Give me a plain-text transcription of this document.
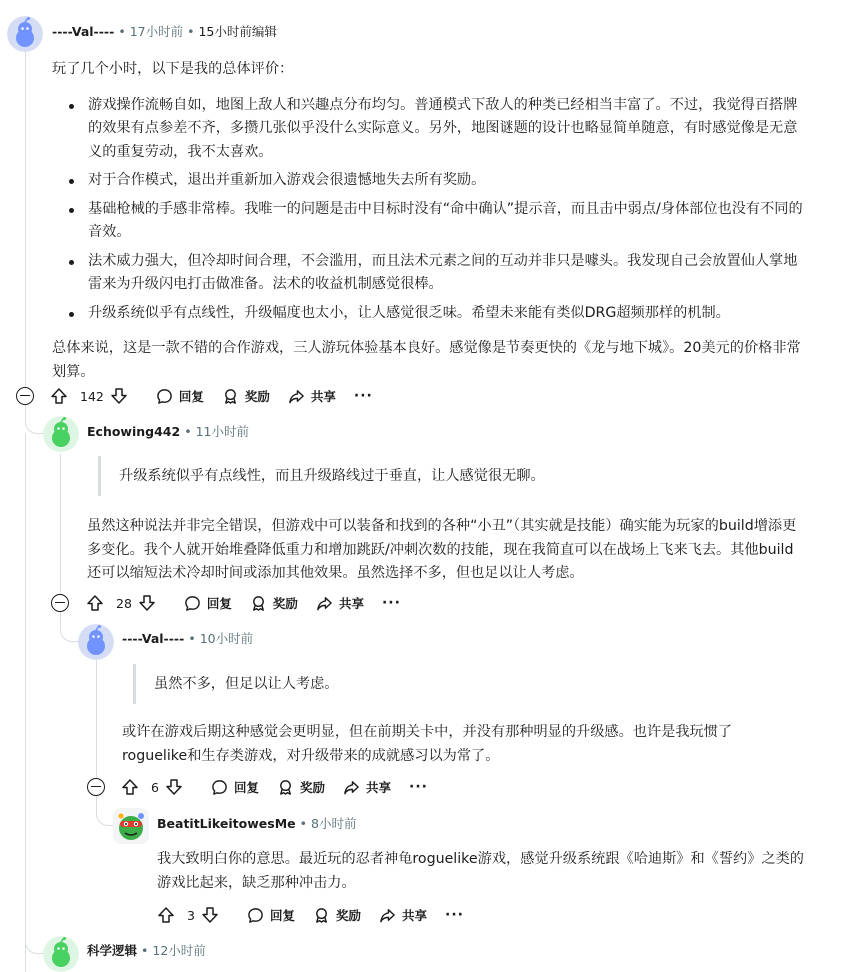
----Val---- • 17小时前 • 15小时前编辑

玩了几个小时，以下是我的总体评价：

游戏操作流畅自如，地图上敌人和兴趣点分布均匀。普通模式下敌人的种类已经相当丰富了。不过，我觉得百搭牌的效果有点参差不齐，多攒几张似乎没什么实际意义。另外，地图谜题的设计也略显简单随意，有时感觉像是无意义的重复劳动，我不太喜欢。
对于合作模式，退出并重新加入游戏会很遗憾地失去所有奖励。
基础枪械的手感非常棒。我唯一的问题是击中目标时没有“命中确认”提示音，而且击中弱点/身体部位也没有不同的音效。
法术威力强大，但冷却时间合理，不会滥用，而且法术元素之间的互动并非只是噱头。我发现自己会放置仙人掌地雷来为升级闪电打击做准备。法术的收益机制感觉很棒。
升级系统似乎有点线性，升级幅度也太小，让人感觉很乏味。希望未来能有类似DRG超频那样的机制。

总体来说，这是一款不错的合作游戏，三人游玩体验基本良好。感觉像是节奏更快的《龙与地下城》。20美元的价格非常划算。

142	回复	奖励	共享 ···
Echowing442 • 11小时前
升级系统似乎有点线性，而且升级路线过于垂直，让人感觉很无聊。

虽然这种说法并非完全错误，但游戏中可以装备和找到的各种“小丑”（其实就是技能）确实能为玩家的build增添更多变化。我个人就开始堆叠降低重力和增加跳跃/冲刺次数的技能，现在我简直可以在战场上飞来飞去。其他build还可以缩短法术冷却时间或添加其他效果。虽然选择不多，但也足以让人考虑。

28	回复	奖励	共享 ···
----Val---- • 10小时前
虽然不多，但足以让人考虑。

或许在游戏后期这种感觉会更明显，但在前期关卡中，并没有那种明显的升级感。也许是我玩惯了roguelike和生存类游戏，对升级带来的成就感习以为常了。

6	回复	奖励	共享 ···
BeatitLikeitowesMe • 8小时前

我大致明白你的意思。最近玩的忍者神龟roguelike游戏，感觉升级系统跟《哈迪斯》和《誓约》之类的游戏比起来，缺乏那种冲击力。

3	回复	奖励	共享 ···
科学逻辑 • 12小时前
